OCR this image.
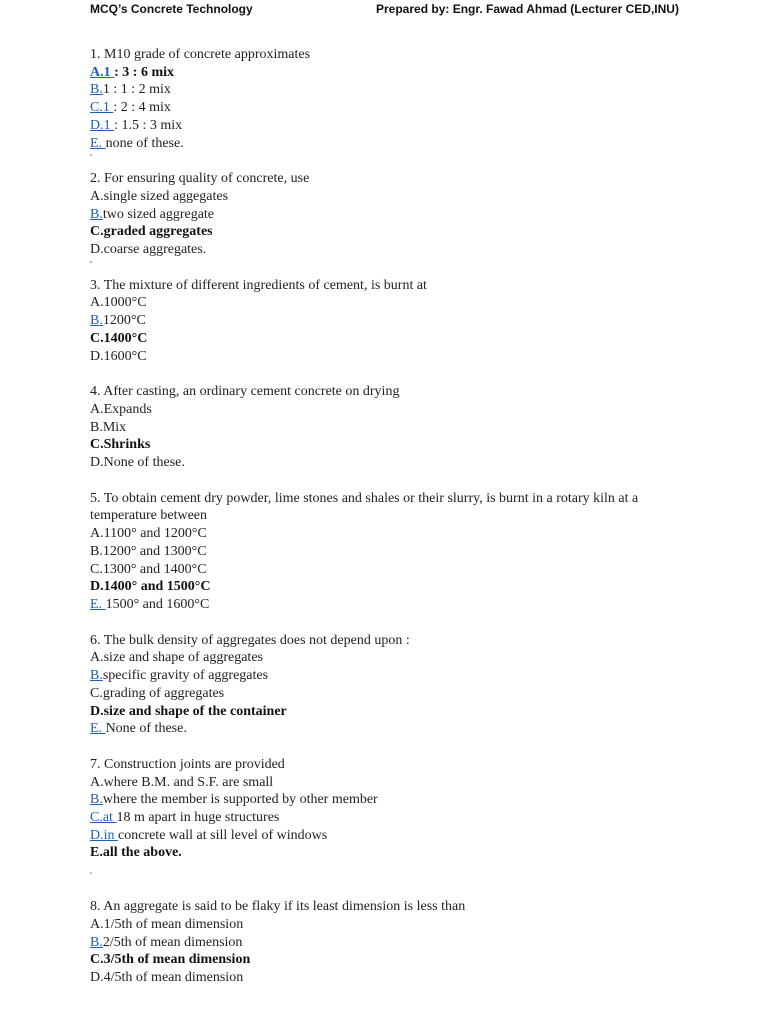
MCQ’s Concrete Technology	Prepared by: Engr. Fawad Ahmad (Lecturer CED,INU)
1. M10 grade of concrete approximates
A.1 : 3 : 6 mix
B.1 : 1 : 2 mix
C.1 : 2 : 4 mix
D.1 : 1.5 : 3 mix
E. none of these.
2. For ensuring quality of concrete, use
A.single sized aggegates
B.two sized aggregate
C.graded aggregates
D.coarse aggregates.
3. The mixture of different ingredients of cement, is burnt at
A.1000°C
B.1200°C
C.1400°C
D.1600°C
4. After casting, an ordinary cement concrete on drying
A.Expands
B.Mix
C.Shrinks
D.None of these.
5. To obtain cement dry powder, lime stones and shales or their slurry, is burnt in a rotary kiln at a temperature between
A.1100° and 1200°C
B.1200° and 1300°C
C.1300° and 1400°C
D.1400° and 1500°C
E. 1500° and 1600°C
6. The bulk density of aggregates does not depend upon :
A.size and shape of aggregates
B.specific gravity of aggregates
C.grading of aggregates
D.size and shape of the container
E. None of these.
7. Construction joints are provided
A.where B.M. and S.F. are small
B.where the member is supported by other member
C.at 18 m apart in huge structures
D.in concrete wall at sill level of windows
E.all the above.
8. An aggregate is said to be flaky if its least dimension is less than
A.1/5th of mean dimension
B.2/5th of mean dimension
C.3/5th of mean dimension
D.4/5th of mean dimension
